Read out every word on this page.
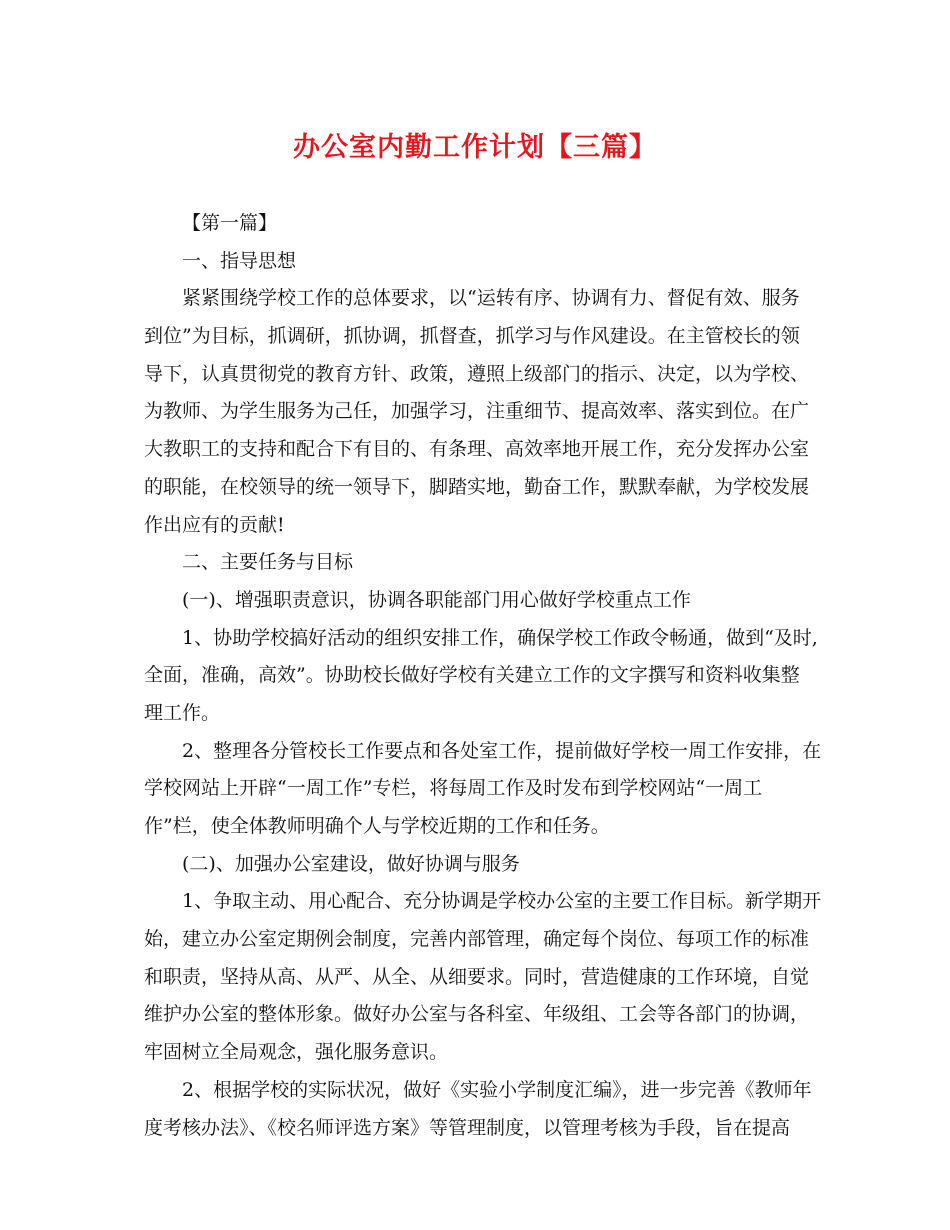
办公室内勤工作计划【三篇】
【第一篇】
一、指导思想
紧紧围绕学校工作的总体要求，以“运转有序、协调有力、督促有效、服务
到位”为目标，抓调研，抓协调，抓督查，抓学习与作风建设。在主管校长的领
导下，认真贯彻党的教育方针、政策，遵照上级部门的指示、决定，以为学校、
为教师、为学生服务为己任，加强学习，注重细节、提高效率、落实到位。在广
大教职工的支持和配合下有目的、有条理、高效率地开展工作，充分发挥办公室
的职能，在校领导的统一领导下，脚踏实地，勤奋工作，默默奉献，为学校发展
作出应有的贡献!
二、主要任务与目标
(一)、增强职责意识，协调各职能部门用心做好学校重点工作
1、协助学校搞好活动的组织安排工作，确保学校工作政令畅通，做到“及时,
全面，准确，高效”。协助校长做好学校有关建立工作的文字撰写和资料收集整
理工作。
2、整理各分管校长工作要点和各处室工作，提前做好学校一周工作安排，在
学校网站上开辟“一周工作”专栏，将每周工作及时发布到学校网站“一周工
作”栏，使全体教师明确个人与学校近期的工作和任务。
(二)、加强办公室建设，做好协调与服务
1、争取主动、用心配合、充分协调是学校办公室的主要工作目标。新学期开
始，建立办公室定期例会制度，完善内部管理，确定每个岗位、每项工作的标准
和职责，坚持从高、从严、从全、从细要求。同时，营造健康的工作环境，自觉
维护办公室的整体形象。做好办公室与各科室、年级组、工会等各部门的协调，
牢固树立全局观念，强化服务意识。
2、根据学校的实际状况，做好《实验小学制度汇编》，进一步完善《教师年
度考核办法》、《校名师评选方案》等管理制度，以管理考核为手段，旨在提高
